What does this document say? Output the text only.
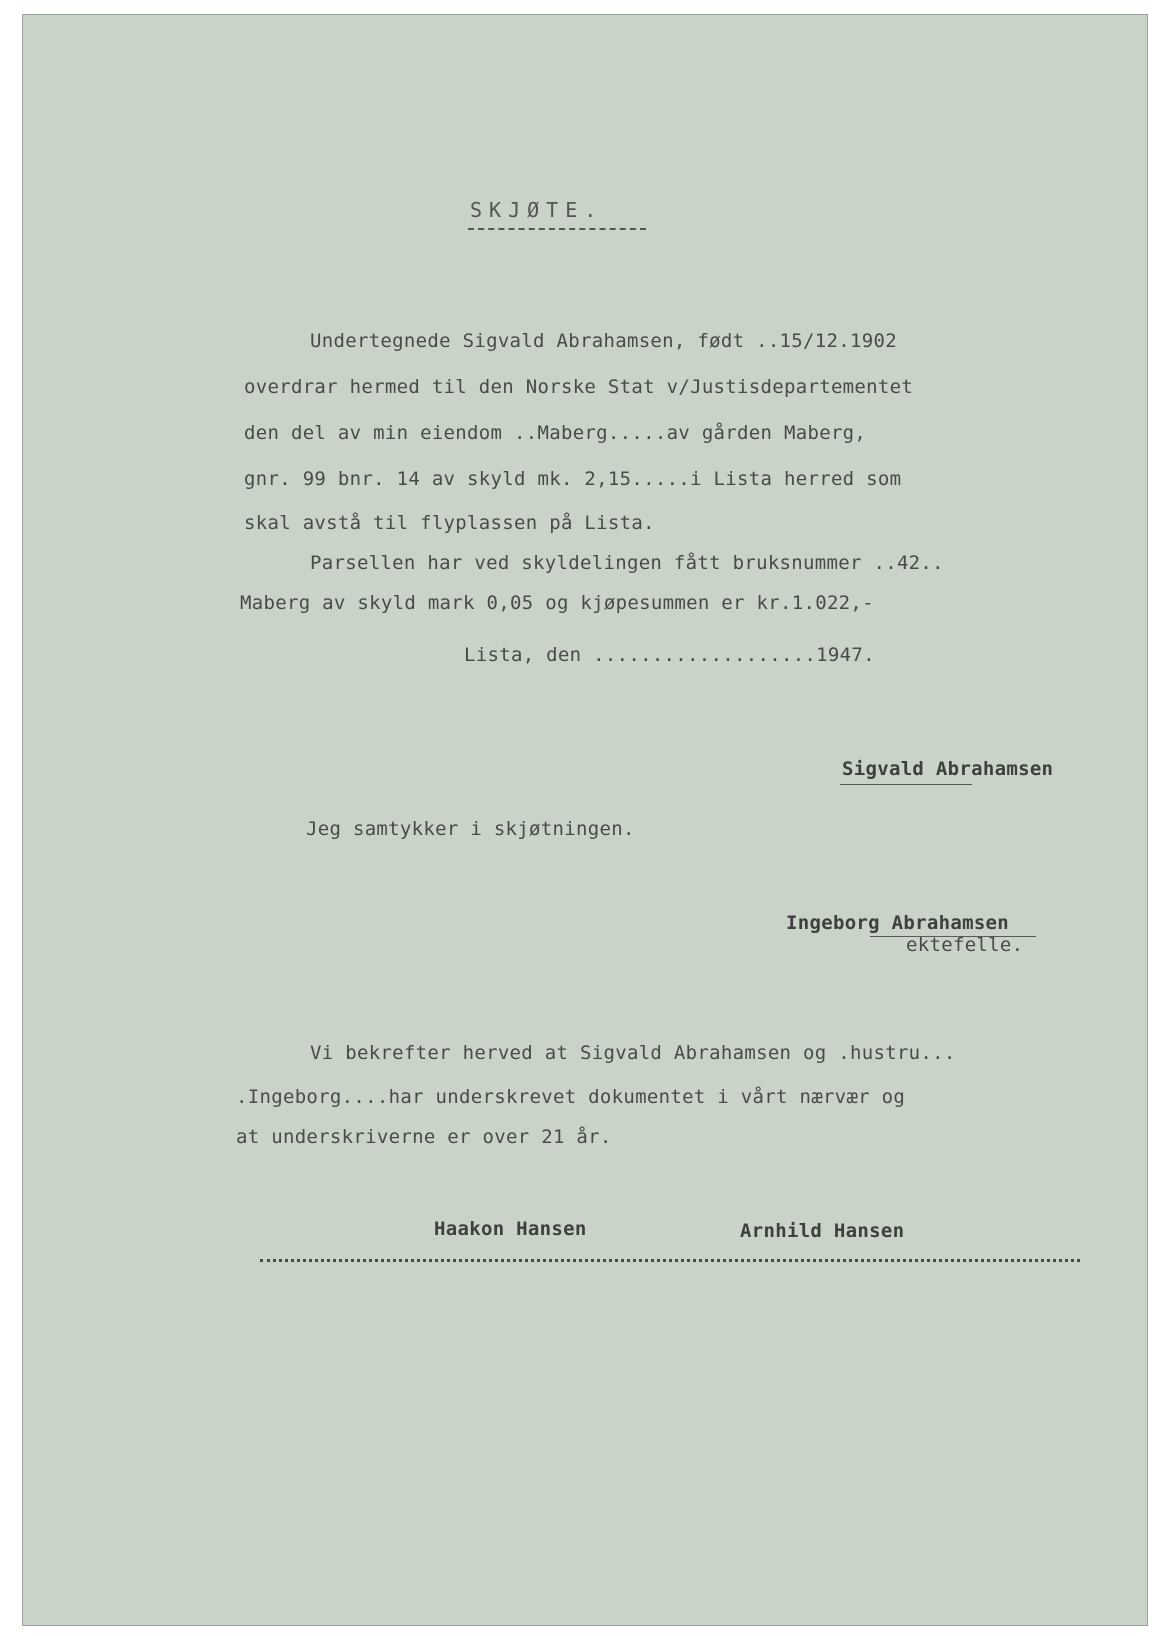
SKJØTE.
Undertegnede Sigvald Abrahamsen, født ..15/12.1902
overdrar hermed til den Norske Stat v/Justisdepartementet
den del av min eiendom ..Maberg.....av gården Maberg,
gnr. 99 bnr. 14 av skyld mk. 2,15.....i Lista herred som
skal avstå til flyplassen på Lista.
Parsellen har ved skyldelingen fått bruksnummer ..42..
Maberg av skyld mark 0,05 og kjøpesummen er kr.1.022,-
Lista, den ...................1947.
Sigvald Abrahamsen
Jeg samtykker i skjøtningen.
Ingeborg Abrahamsen
ektefelle.
Vi bekrefter herved at Sigvald Abrahamsen og .hustru...
.Ingeborg....har underskrevet dokumentet i vårt nærvær og
at underskriverne er over 21 år.
Haakon Hansen	Arnhild Hansen
